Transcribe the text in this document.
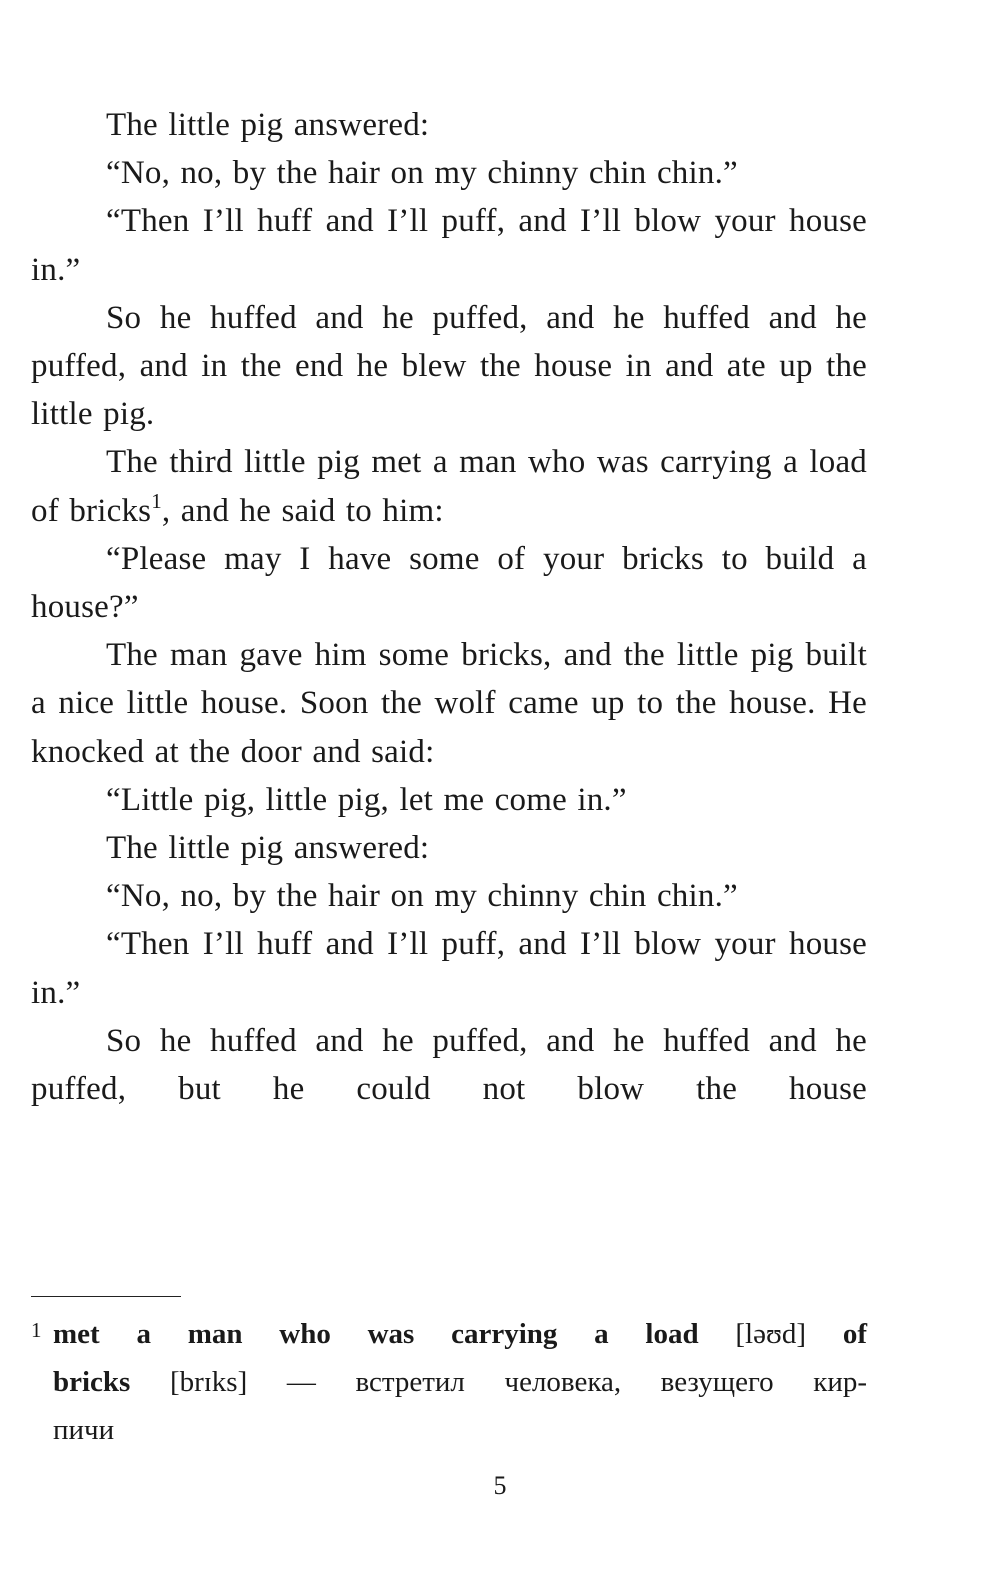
The little pig answered:

“No, no, by the hair on my chinny chin chin.”

“Then I’ll huff and I’ll puff, and I’ll blow your house in.”

So he huffed and he puffed, and he huffed and he puffed, and in the end he blew the house in and ate up the little pig.

The third little pig met a man who was carrying a load of bricks$^1$, and he said to him:

“Please may I have some of your bricks to build a house?”

The man gave him some bricks, and the little pig built a nice little house. Soon the wolf came up to the house. He knocked at the door and said:

“Little pig, little pig, let me come in.”

The little pig answered:

“No, no, by the hair on my chinny chin chin.”

“Then I’ll huff and I’ll puff, and I’ll blow your house in.”

So he huffed and he puffed, and he huffed and he puffed, but he could not blow the house

1 met a man who was carrying a load [ləʊd] of
bricks [brɪks] — встретил человека, везущего кир-
пичи
5
